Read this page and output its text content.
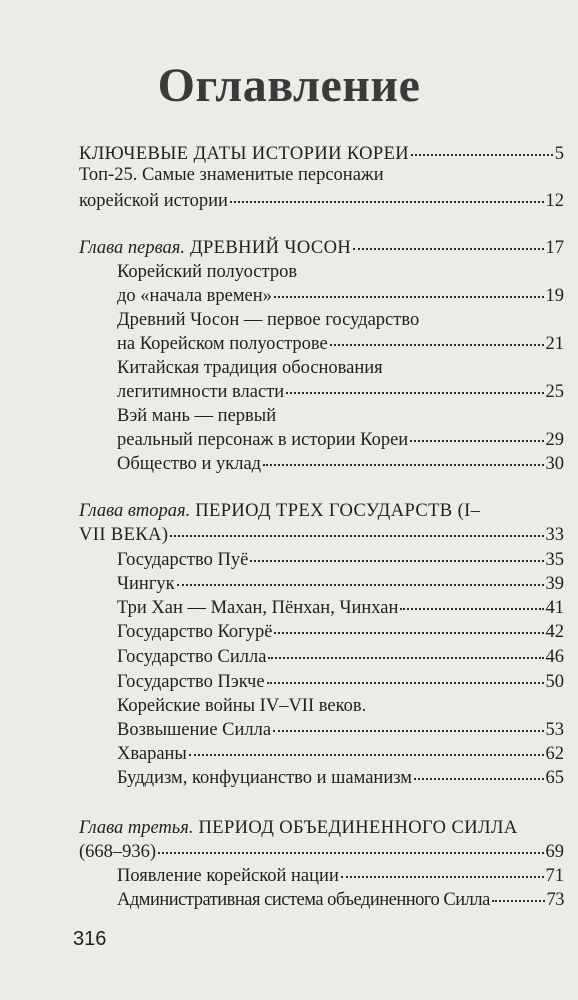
Оглавление
КЛЮЧЕВЫЕ ДАТЫ ИСТОРИИ КОРЕИ	5
Топ-25. Самые знаменитые персонажи
корейской истории	12
Глава первая. ДРЕВНИЙ ЧОСОН	17
Корейский полуостров
до «начала времен»	19
Древний Чосон — первое государство
на Корейском полуострове	21
Китайская традиция обоснования
легитимности власти	25
Вэй мань — первый
реальный персонаж в истории Кореи	29
Общество и уклад	30
Глава вторая. ПЕРИОД ТРЕХ ГОСУДАРСТВ (I–
VII ВЕКА)	33
Государство Пуё	35
Чингук	39
Три Хан — Махан, Пёнхан, Чинхан	41
Государство Когурё	42
Государство Силла	46
Государство Пэкче	50
Корейские войны IV–VII веков.
Возвышение Силла	53
Хвараны	62
Буддизм, конфуцианство и шаманизм	65
Глава третья. ПЕРИОД ОБЪЕДИНЕННОГО СИЛЛА
(668–936)	69
Появление корейской нации	71
Административная система объединенного Силла	73
316
